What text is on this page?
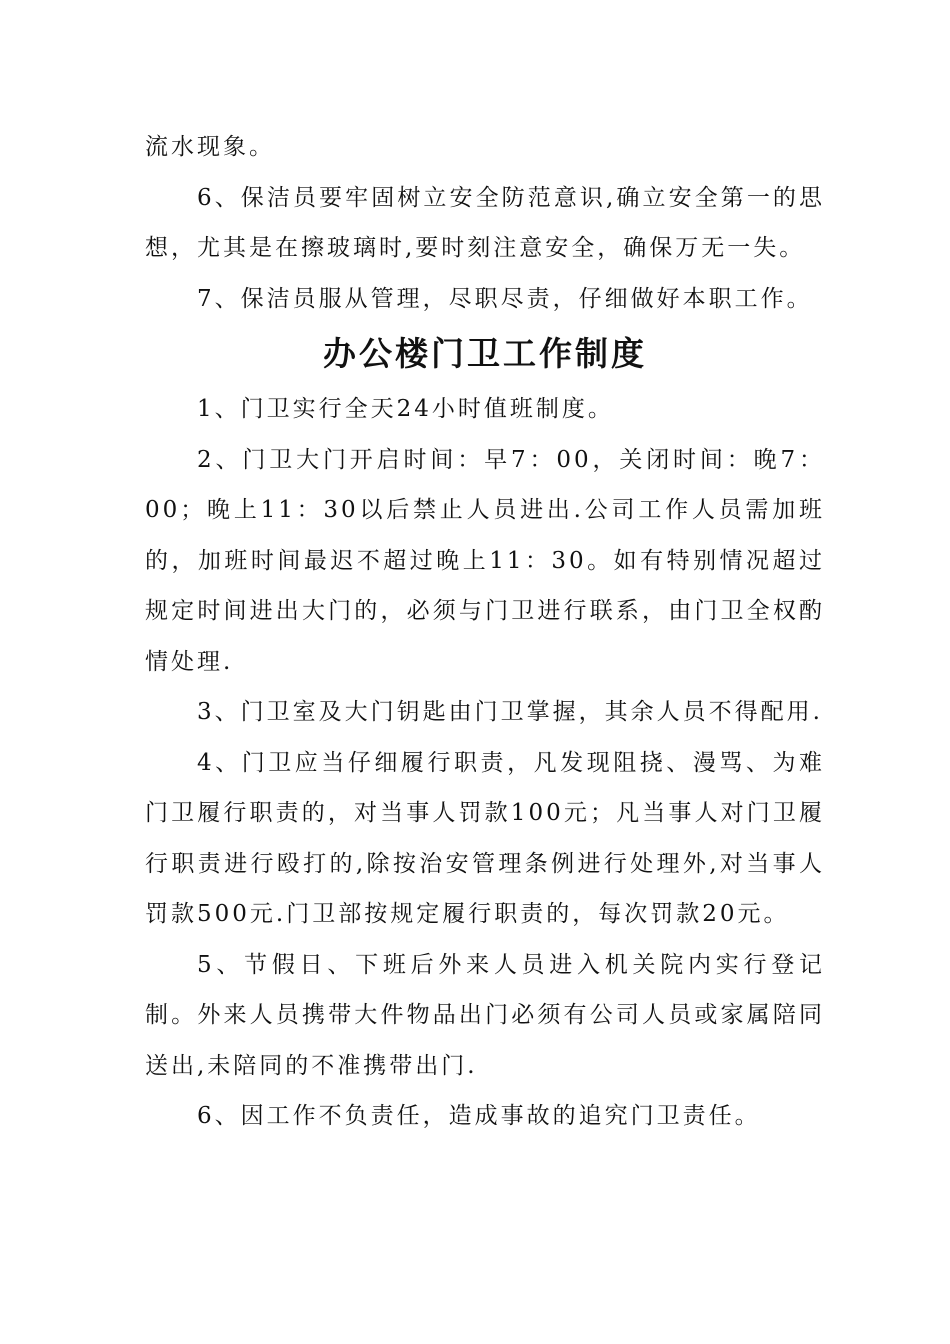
流水现象。

6、保洁员要牢固树立安全防范意识,确立安全第一的思想，尤其是在擦玻璃时,要时刻注意安全，确保万无一失。

7、保洁员服从管理，尽职尽责，仔细做好本职工作。

办公楼门卫工作制度

1、门卫实行全天24小时值班制度。

2、门卫大门开启时间：早7：00，关闭时间：晚7：00；晚上11：30以后禁止人员进出.公司工作人员需加班的，加班时间最迟不超过晚上11：30。如有特别情况超过规定时间进出大门的，必须与门卫进行联系，由门卫全权酌情处理.

3、门卫室及大门钥匙由门卫掌握，其余人员不得配用.

4、门卫应当仔细履行职责，凡发现阻挠、漫骂、为难门卫履行职责的，对当事人罚款100元；凡当事人对门卫履行职责进行殴打的,除按治安管理条例进行处理外,对当事人罚款500元.门卫部按规定履行职责的，每次罚款20元。

5、节假日、下班后外来人员进入机关院内实行登记制。外来人员携带大件物品出门必须有公司人员或家属陪同送出,未陪同的不准携带出门.

6、因工作不负责任，造成事故的追究门卫责任。
